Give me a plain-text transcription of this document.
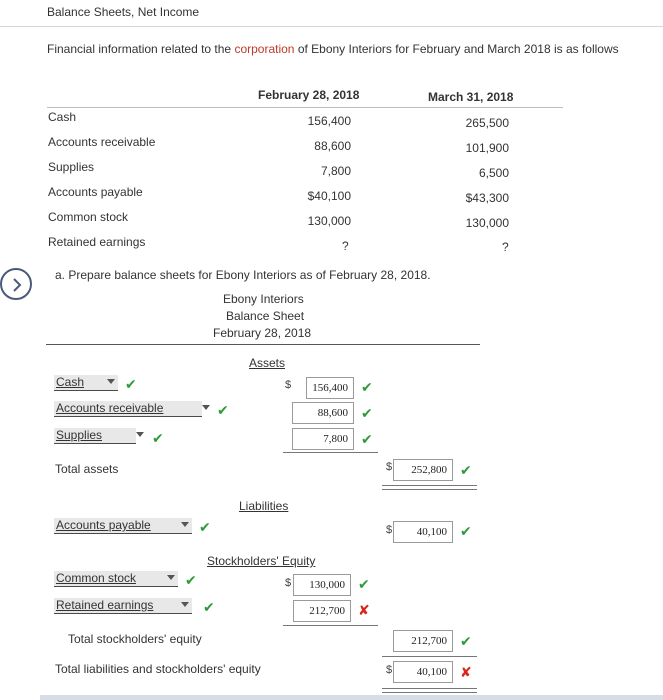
Balance Sheets, Net Income
Financial information related to the corporation of Ebony Interiors for February and March 2018 is as follows
February 28, 2018	March 31, 2018
Cash	156,400	265,500
Accounts receivable	88,600	101,900
Supplies	7,800	6,500
Accounts payable	$40,100	$43,300
Common stock	130,000	130,000
Retained earnings	?	?
a. Prepare balance sheets for Ebony Interiors as of February 28, 2018.
Ebony Interiors
Balance Sheet
February 28, 2018
Assets
Cash	✔	$	156,400 ✔
Accounts receivable	✔	88,600 ✔
Supplies	✔	7,800 ✔
Total assets	$	252,800 ✔
Liabilities
Accounts payable	✔	$	40,100 ✔
Stockholders' Equity
Common stock	✔	$	130,000 ✔
Retained earnings	✔	212,700 ✘
Total stockholders' equity	212,700 ✔
Total liabilities and stockholders' equity	$	40,100 ✘
